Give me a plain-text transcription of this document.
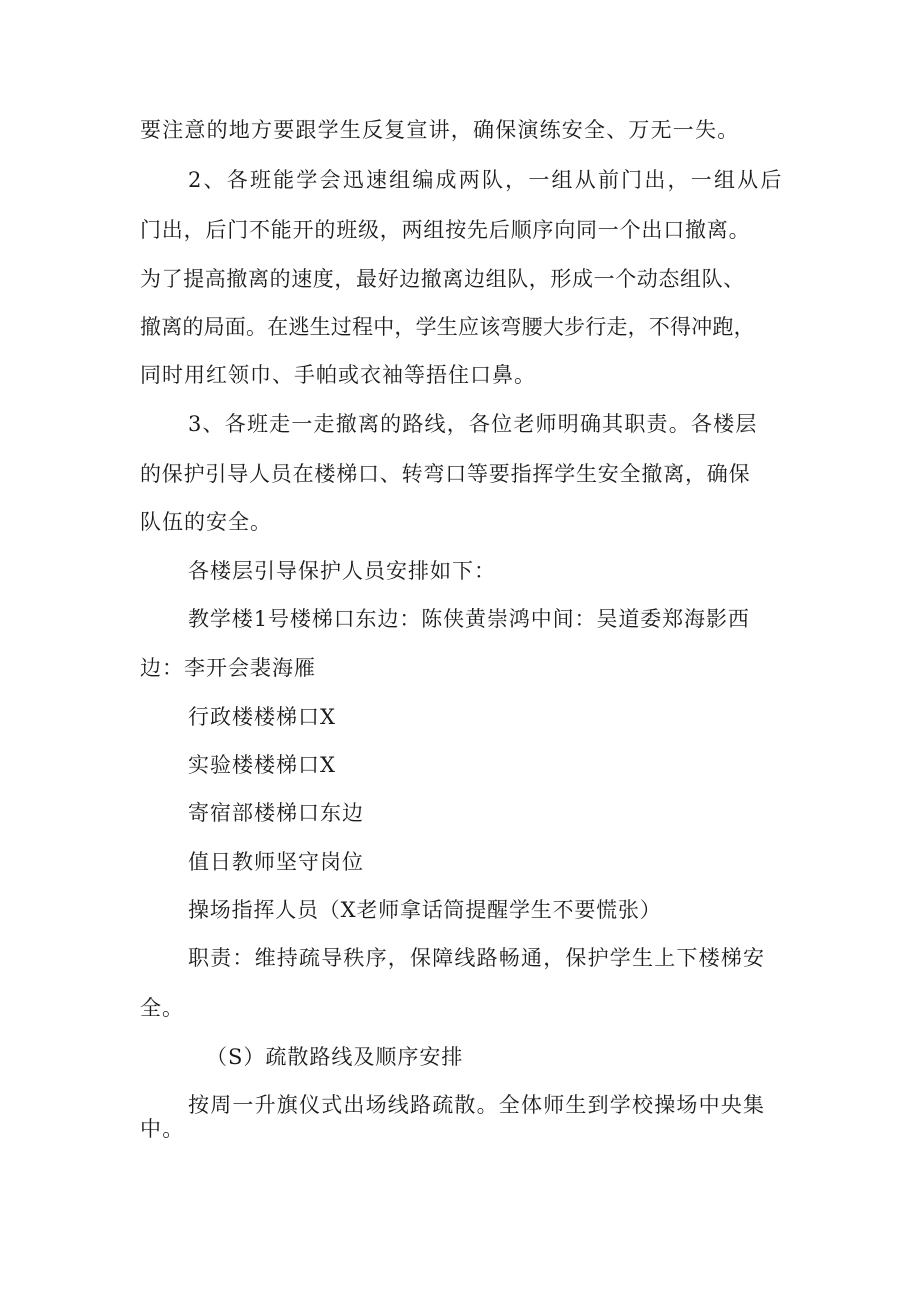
要注意的地方要跟学生反复宣讲，确保演练安全、万无一失。
2、各班能学会迅速组编成两队，一组从前门出，一组从后
门出，后门不能开的班级，两组按先后顺序向同一个出口撤离。
为了提高撤离的速度，最好边撤离边组队，形成一个动态组队、
撤离的局面。在逃生过程中，学生应该弯腰大步行走，不得冲跑，
同时用红领巾、手帕或衣袖等捂住口鼻。
3、各班走一走撤离的路线，各位老师明确其职责。各楼层
的保护引导人员在楼梯口、转弯口等要指挥学生安全撤离，确保
队伍的安全。
各楼层引导保护人员安排如下：
教学楼1号楼梯口东边：陈侠黄崇鸿中间：吴道委郑海影西
边：李开会裴海雁
行政楼楼梯口X
实验楼楼梯口X
寄宿部楼梯口东边
值日教师坚守岗位
操场指挥人员（X老师拿话筒提醒学生不要慌张）
职责：维持疏导秩序，保障线路畅通，保护学生上下楼梯安
全。
（S）疏散路线及顺序安排
按周一升旗仪式出场线路疏散。全体师生到学校操场中央集
中。
